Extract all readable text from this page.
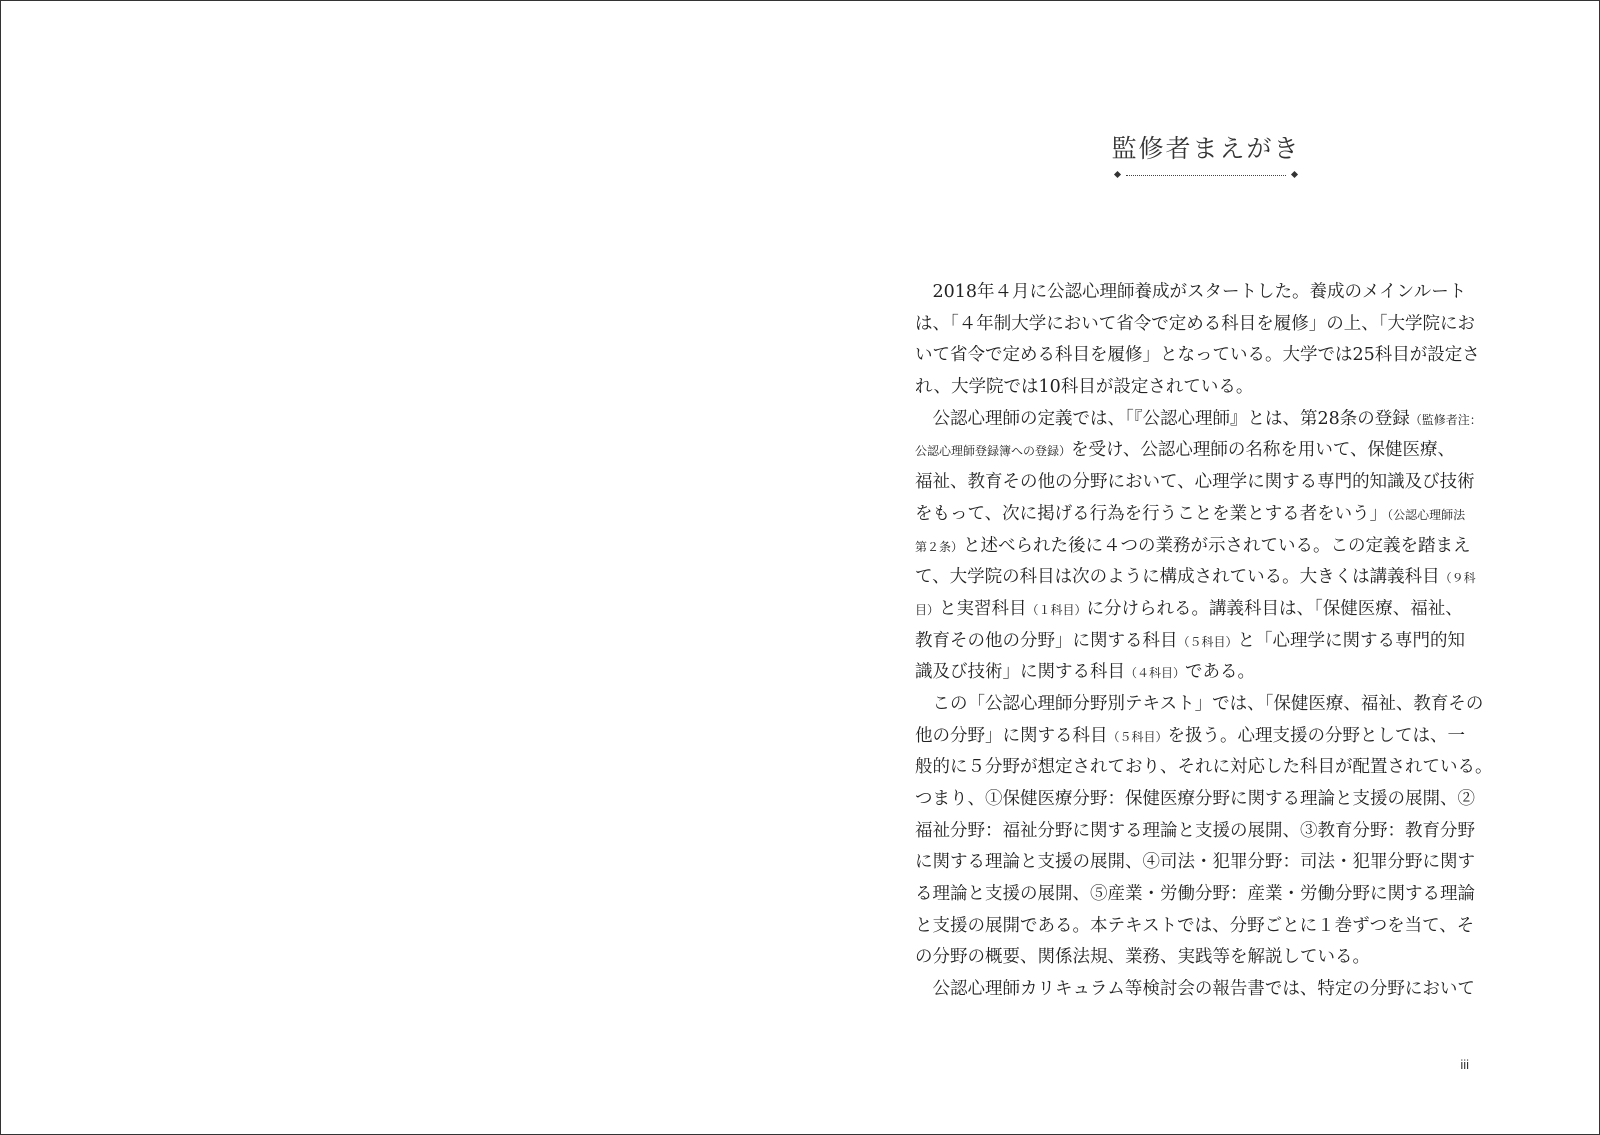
監修者まえがき
　2018年４月に公認心理師養成がスタートした。養成のメインルート
は、「４年制大学において省令で定める科目を履修」の上、「大学院にお
いて省令で定める科目を履修」となっている。大学では25科目が設定さ
れ、大学院では10科目が設定されている。
　公認心理師の定義では、「『公認心理師』とは、第28条の登録（監修者注：
公認心理師登録簿への登録）を受け、公認心理師の名称を用いて、保健医療、
福祉、教育その他の分野において、心理学に関する専門的知識及び技術
をもって、次に掲げる行為を行うことを業とする者をいう」（公認心理師法
第２条）と述べられた後に４つの業務が示されている。この定義を踏まえ
て、大学院の科目は次のように構成されている。大きくは講義科目（９科
目）と実習科目（１科目）に分けられる。講義科目は、「保健医療、福祉、
教育その他の分野」に関する科目（５科目）と「心理学に関する専門的知
識及び技術」に関する科目（４科目）である。
　この「公認心理師分野別テキスト」では、「保健医療、福祉、教育その
他の分野」に関する科目（５科目）を扱う。心理支援の分野としては、一
般的に５分野が想定されており、それに対応した科目が配置されている。
つまり、①保健医療分野：保健医療分野に関する理論と支援の展開、②
福祉分野：福祉分野に関する理論と支援の展開、③教育分野：教育分野
に関する理論と支援の展開、④司法・犯罪分野：司法・犯罪分野に関す
る理論と支援の展開、⑤産業・労働分野：産業・労働分野に関する理論
と支援の展開である。本テキストでは、分野ごとに１巻ずつを当て、そ
の分野の概要、関係法規、業務、実践等を解説している。
　公認心理師カリキュラム等検討会の報告書では、特定の分野において
iii
